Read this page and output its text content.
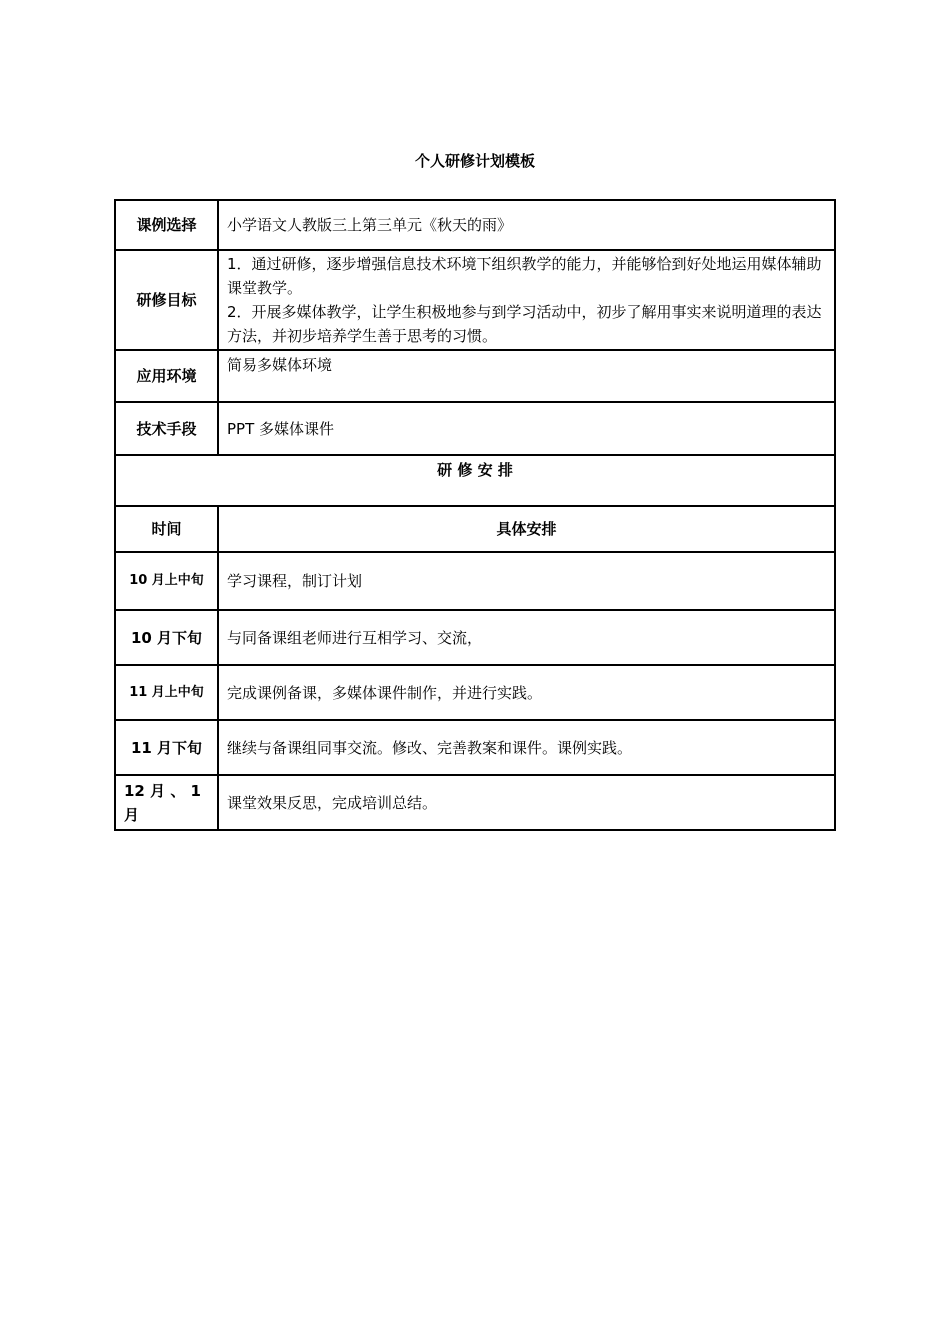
个人研修计划模板
课例选择	小学语文人教版三上第三单元《秋天的雨》
研修目标	1．通过研修，逐步增强信息技术环境下组织教学的能力，并能够恰到好处地运用媒体辅助课堂教学。
2．开展多媒体教学，让学生积极地参与到学习活动中，初步了解用事实来说明道理的表达方法，并初步培养学生善于思考的习惯。

应用环境	简易多媒体环境
技术手段	PPT 多媒体课件
研 修 安 排	
时间	具体安排
10 月上中旬	学习课程，制订计划
10 月下旬	与同备课组老师进行互相学习、交流，
11 月上中旬	完成课例备课，多媒体课件制作，并进行实践。
11 月下旬	继续与备课组同事交流。修改、完善教案和课件。课例实践。
12 月 、 1 月	课堂效果反思，完成培训总结。
